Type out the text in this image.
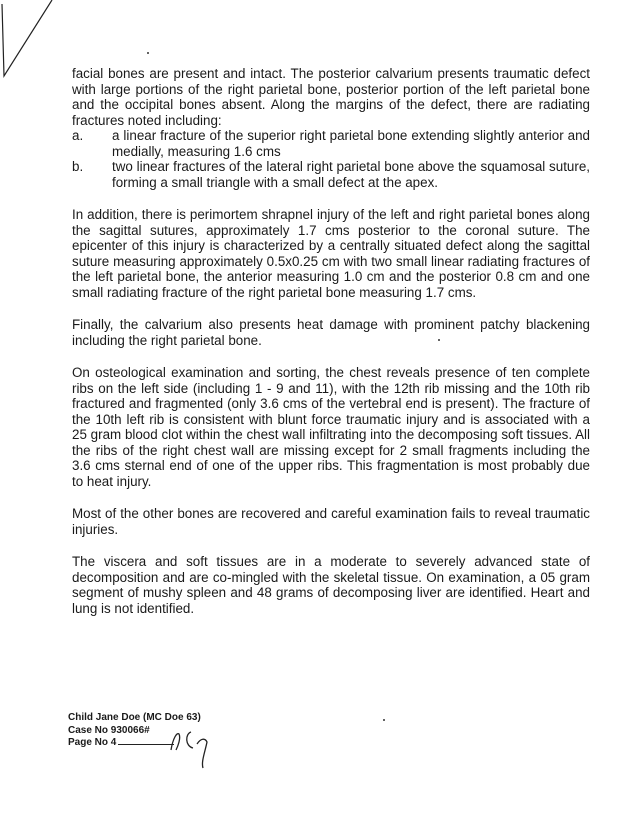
facial bones are present and intact. The posterior calvarium presents traumatic defect with large portions of the right parietal bone, posterior portion of the left parietal bone and the occipital bones absent. Along the margins of the defect, there are radiating fractures noted including:

a.	a linear fracture of the superior right parietal bone extending slightly anterior and medially, measuring 1.6 cms
b.	two linear fractures of the lateral right parietal bone above the squamosal suture, forming a small triangle with a small defect at the apex.

In addition, there is perimortem shrapnel injury of the left and right parietal bones along the sagittal sutures, approximately 1.7 cms posterior to the coronal suture. The epicenter of this injury is characterized by a centrally situated defect along the sagittal suture measuring approximately 0.5x0.25 cm with two small linear radiating fractures of the left parietal bone, the anterior measuring 1.0 cm and the posterior 0.8 cm and one small radiating fracture of the right parietal bone measuring 1.7 cms.

Finally, the calvarium also presents heat damage with prominent patchy blackening including the right parietal bone.

On osteological examination and sorting, the chest reveals presence of ten complete ribs on the left side (including 1 - 9 and 11), with the 12th rib missing and the 10th rib fractured and fragmented (only 3.6 cms of the vertebral end is present). The fracture of the 10th left rib is consistent with blunt force traumatic injury and is associated with a 25 gram blood clot within the chest wall infiltrating into the decomposing soft tissues. All the ribs of the right chest wall are missing except for 2 small fragments including the 3.6 cms sternal end of one of the upper ribs. This fragmentation is most probably due to heat injury.

Most of the other bones are recovered and careful examination fails to reveal traumatic injuries.

The viscera and soft tissues are in a moderate to severely advanced state of decomposition and are co-mingled with the skeletal tissue. On examination, a 05 gram segment of mushy spleen and 48 grams of decomposing liver are identified. Heart and lung is not identified.

Child Jane Doe (MC Doe 63)
Case No 930066#
Page No 4
